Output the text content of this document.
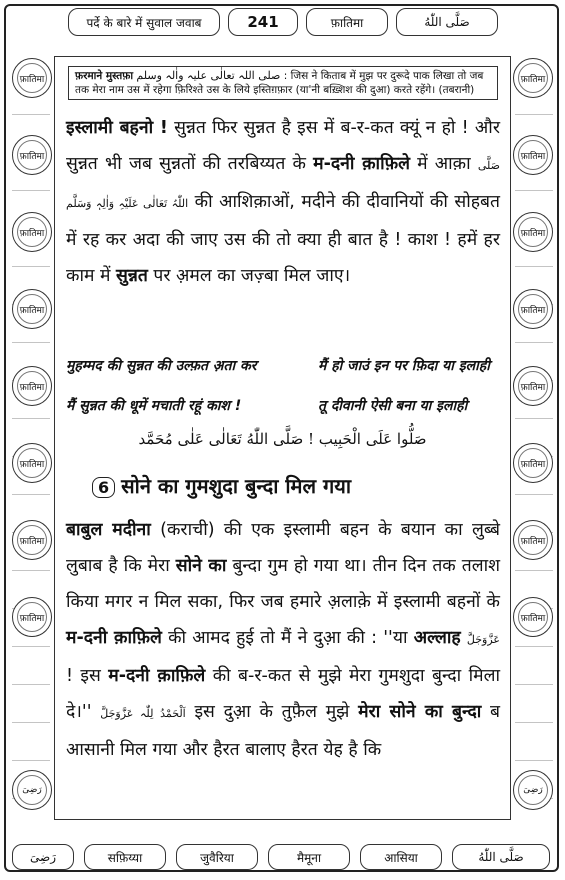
पर्दे के बारे में सुवाल जवाब	241	फ़ातिमा	صَلَّى اللّٰهُ
फ़ातिमा
फ़ातिमा
फ़ातिमा
फ़ातिमा
फ़ातिमा
फ़ातिमा
फ़ातिमा
फ़ातिमा
رَضِیَ
फ़ातिमा
फ़ातिमा
फ़ातिमा
फ़ातिमा
फ़ातिमा
फ़ातिमा
फ़ातिमा
फ़ातिमा
رَضِیَ
फ़रमाने मुस्तफ़ा صلی اللہ تعالٰی علیہ واٰلہ وسلم : जिस ने किताब में मुझ पर दुरूदे पाक लिखा तो जब तक मेरा नाम उस में रहेगा फ़िरिश्ते उस के लिये इस्तिग़फ़ार (या'नी बख़्शिश की दुआ) करते रहेंगे। (तबरानी)
इस्लामी बहनो ! सुन्नत फिर सुन्नत है इस में ब-र-कत क्यूं न हो ! और सुन्नत भी जब सुन्नतों की तरबिय्यत के म-दनी क़ाफ़िले में आक़ा صَلَّی اللّٰہُ تَعَالٰی عَلَیْہِ وَاٰلِہٖ وَسَلَّم की आशिक़ाओं, मदीने की दीवानियों की सोहबत में रह कर अदा की जाए उस की तो क्या ही बात है ! काश ! हमें हर काम में सुन्नत पर अ़मल का जज़्बा मिल जाए।
मुहम्मद की सुन्नत की उल्फ़त अ़ता कर	मैं हो जाउं इन पर फ़िदा या इलाही
मैं सुन्नत की धूमें मचाती रहूं काश !	तू दीवानी ऐसी बना या इलाही
صَلُّوا عَلَى الْحَبِيب ! صَلَّى اللّٰهُ تَعَالٰى عَلٰى مُحَمَّد
6 सोने का गुमशुदा बुन्दा मिल गया
बाबुल मदीना (कराची) की एक इस्लामी बहन के बयान का लुब्बे लुबाब है कि मेरा सोने का बुन्दा गुम हो गया था। तीन दिन तक तलाश किया मगर न मिल सका, फिर जब हमारे अ़लाक़े में इस्लामी बहनों के म-दनी क़ाफ़िले की आमद हुई तो मैं ने दुआ़ की : ''या अल्लाह عَزَّوَجَلَّ ! इस म-दनी क़ाफ़िले की ब-र-कत से मुझे मेरा गुमशुदा बुन्दा मिला दे।'' اَلْحَمْدُ لِلّٰہ عَزَّوَجَلَّ इस दुआ़ के तुफ़ैल मुझे मेरा सोने का बुन्दा ब आसानी मिल गया और हैरत बालाए हैरत येह है कि
رَضِیَ	सफ़िय्या	जुवैरिया	मैमूना	आसिया	صَلَّى اللّٰهُ
